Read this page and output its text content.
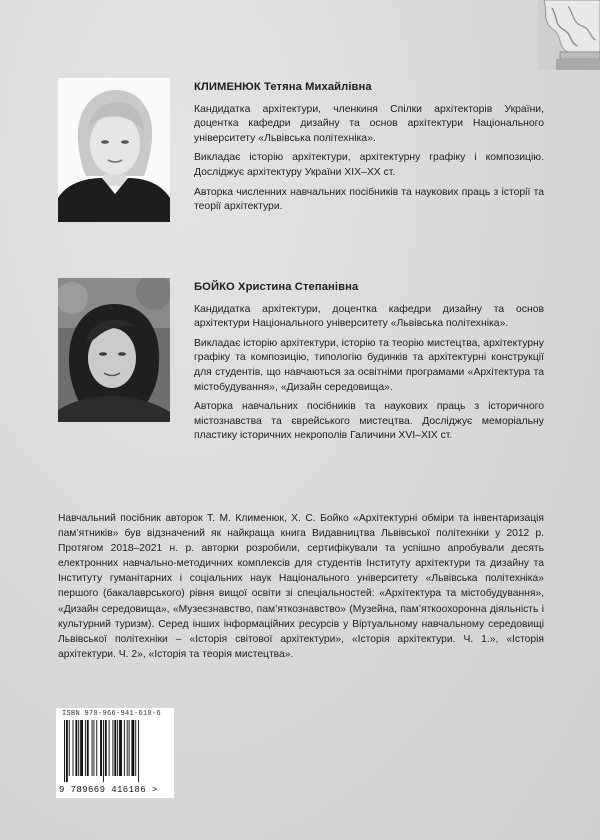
КЛИМЕНЮК Тетяна Михайлівна

Кандидатка архітектури, членкиня Спілки архітекторів України, доцентка кафедри дизайну та основ архітектури Національного університету «Львівська політехніка».

Викладає історію архітектури, архітектурну графіку і композицію. Досліджує архітектуру України XIX–XX ст.

Авторка численних навчальних посібників та наукових праць з історії та теорії архітектури.

БОЙКО Христина Степанівна

Кандидатка архітектури, доцентка кафедри дизайну та основ архітектури Національного університету «Львівська політехніка».

Викладає історію архітектури, історію та теорію мистецтва, архітектурну графіку та композицію, типологію будинків та архітектурні конструкції для студентів, що навчаються за освітніми програмами «Архітектура та містобудування», «Дизайн середовища».

Авторка навчальних посібників та наукових праць з історичного містознавства та єврейського мистецтва. Досліджує меморіальну пластику історичних некрополів Галичини XVI–XIX ст.

Навчальний посібник авторок Т. М. Клименюк, Х. С. Бойко «Архітектурні обміри та інвентаризація пам’ятників» був відзначений як найкраща книга Видавництва Львівської політехніки у 2012 р. Протягом 2018–2021 н. р. авторки розробили, сертифікували та успішно апробували десять електронних навчально-методичних комплексів для студентів Інституту архітектури та дизайну та Інституту гуманітарних і соціальних наук Національного університету «Львівська політехніка» першого (бакалаврського) рівня вищої освіти зі спеціальностей: «Архітектура та містобудування», «Дизайн середовища», «Музеєзнавство, пам’яткознавство» (Музейна, пам’яткоохоронна діяльність і культурний туризм). Серед інших інформаційних ресурсів у Віртуальному навчальному середовищі Львівської політехніки – «Історія світової архітектури», «Історія архітектури. Ч. 1.», «Історія архітектури. Ч. 2», «Історія та теорія мистецтва».

ISBN 978-966-941-618-6
9 789669 416186 >
